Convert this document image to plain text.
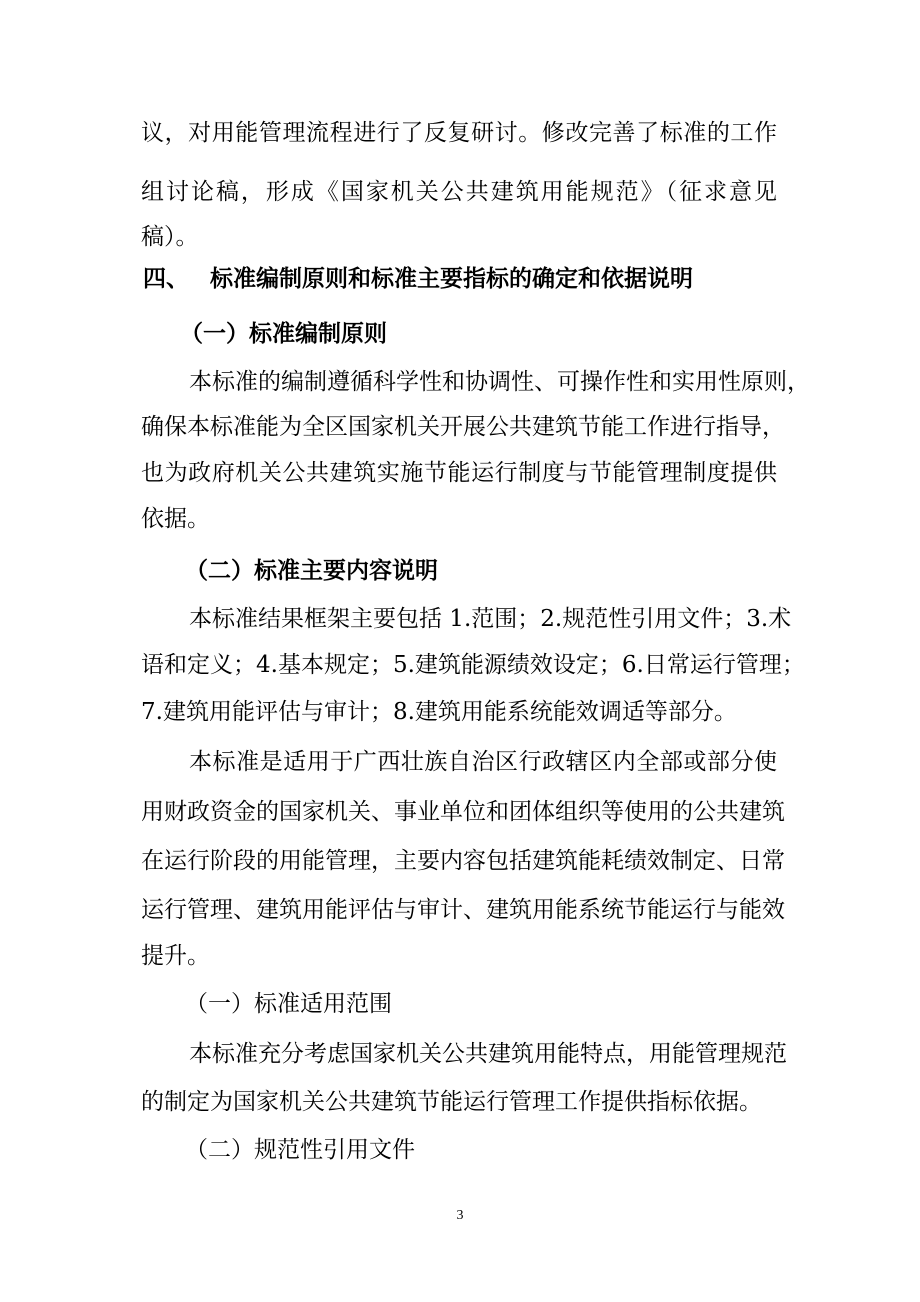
议，对用能管理流程进行了反复研讨。修改完善了标准的工作

组讨论稿，形成《国家机关公共建筑用能规范》（征求意见

稿）。

四、 标准编制原则和标准主要指标的确定和依据说明
（一）标准编制原则

本标准的编制遵循科学性和协调性、可操作性和实用性原则，

确保本标准能为全区国家机关开展公共建筑节能工作进行指导，

也为政府机关公共建筑实施节能运行制度与节能管理制度提供

依据。

（二）标准主要内容说明

本标准结果框架主要包括 1.范围；2.规范性引用文件；3.术

语和定义；4.基本规定；5.建筑能源绩效设定；6.日常运行管理；

7.建筑用能评估与审计；8.建筑用能系统能效调适等部分。

本标准是适用于广西壮族自治区行政辖区内全部或部分使

用财政资金的国家机关、事业单位和团体组织等使用的公共建筑

在运行阶段的用能管理，主要内容包括建筑能耗绩效制定、日常

运行管理、建筑用能评估与审计、建筑用能系统节能运行与能效

提升。

（一）标准适用范围

本标准充分考虑国家机关公共建筑用能特点，用能管理规范

的制定为国家机关公共建筑节能运行管理工作提供指标依据。

（二）规范性引用文件
3
